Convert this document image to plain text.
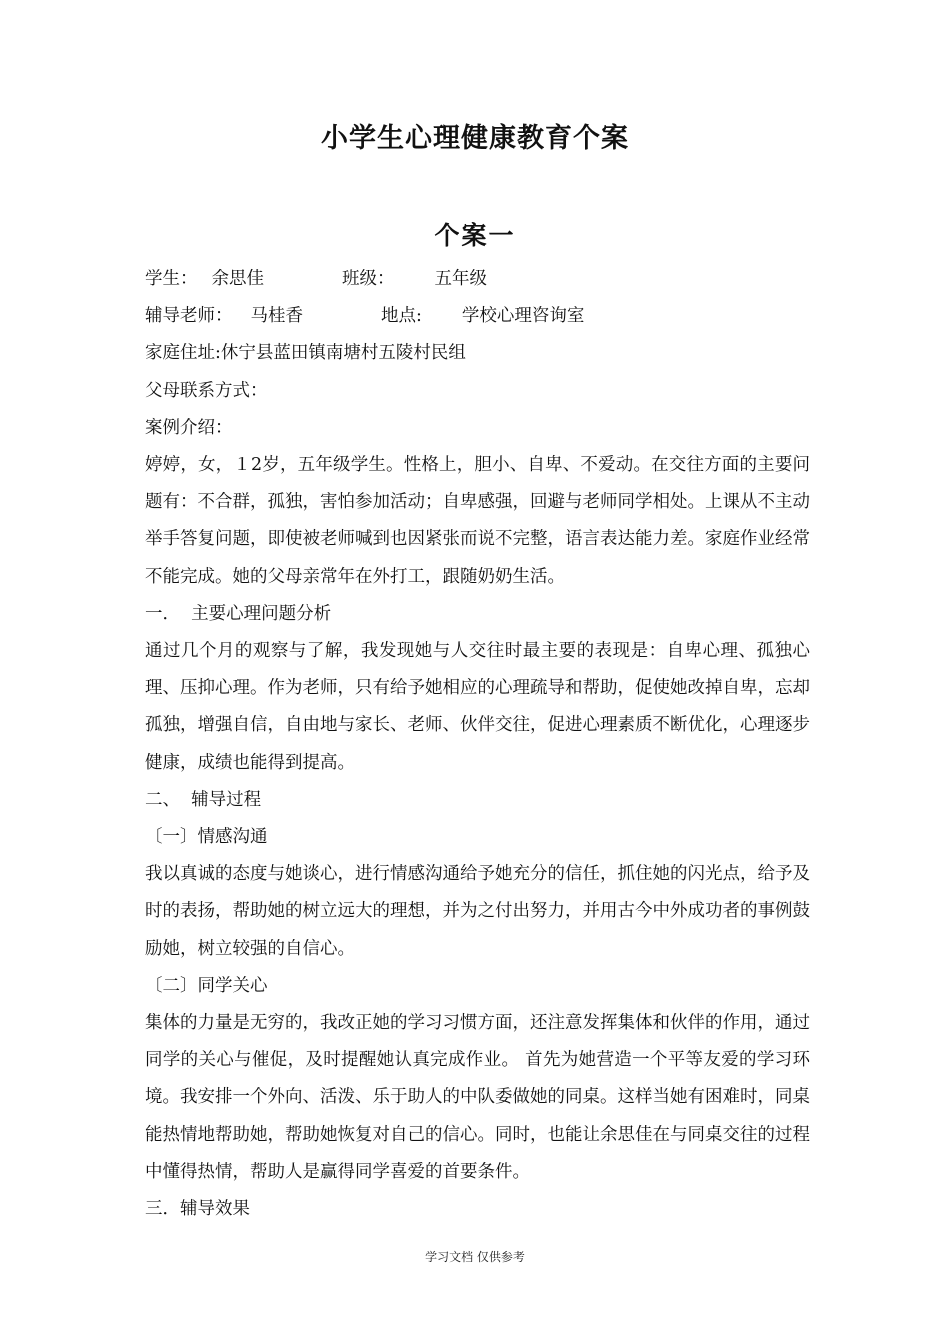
小学生心理健康教育个案
个案一
学生： 余思佳	班级： 五年级
辅导老师： 马桂香	地点: 学校心理咨询室
家庭住址:休宁县蓝田镇南塘村五陵村民组
父母联系方式：
案例介绍：
婷婷，女，１2岁，五年级学生。性格上，胆小、自卑、不爱动。在交往方面的主要问题有：不合群，孤独，害怕参加活动；自卑感强，回避与老师同学相处。上课从不主动举手答复问题，即使被老师喊到也因紧张而说不完整，语言表达能力差。家庭作业经常不能完成。她的父母亲常年在外打工，跟随奶奶生活。
一．  主要心理问题分析
通过几个月的观察与了解，我发现她与人交往时最主要的表现是：自卑心理、孤独心理、压抑心理。作为老师，只有给予她相应的心理疏导和帮助，促使她改掉自卑，忘却孤独，增强自信，自由地与家长、老师、伙伴交往，促进心理素质不断优化，心理逐步健康，成绩也能得到提高。
二、  辅导过程
〔一〕情感沟通
我以真诚的态度与她谈心，进行情感沟通给予她充分的信任，抓住她的闪光点，给予及时的表扬，帮助她的树立远大的理想，并为之付出努力，并用古今中外成功者的事例鼓励她，树立较强的自信心。
〔二〕同学关心
集体的力量是无穷的，我改正她的学习习惯方面，还注意发挥集体和伙伴的作用，通过同学的关心与催促，及时提醒她认真完成作业。 首先为她营造一个平等友爱的学习环境。我安排一个外向、活泼、乐于助人的中队委做她的同桌。这样当她有困难时，同桌能热情地帮助她，帮助她恢复对自己的信心。同时，也能让余思佳在与同桌交往的过程中懂得热情，帮助人是赢得同学喜爱的首要条件。
三．辅导效果
学习文档 仅供参考
